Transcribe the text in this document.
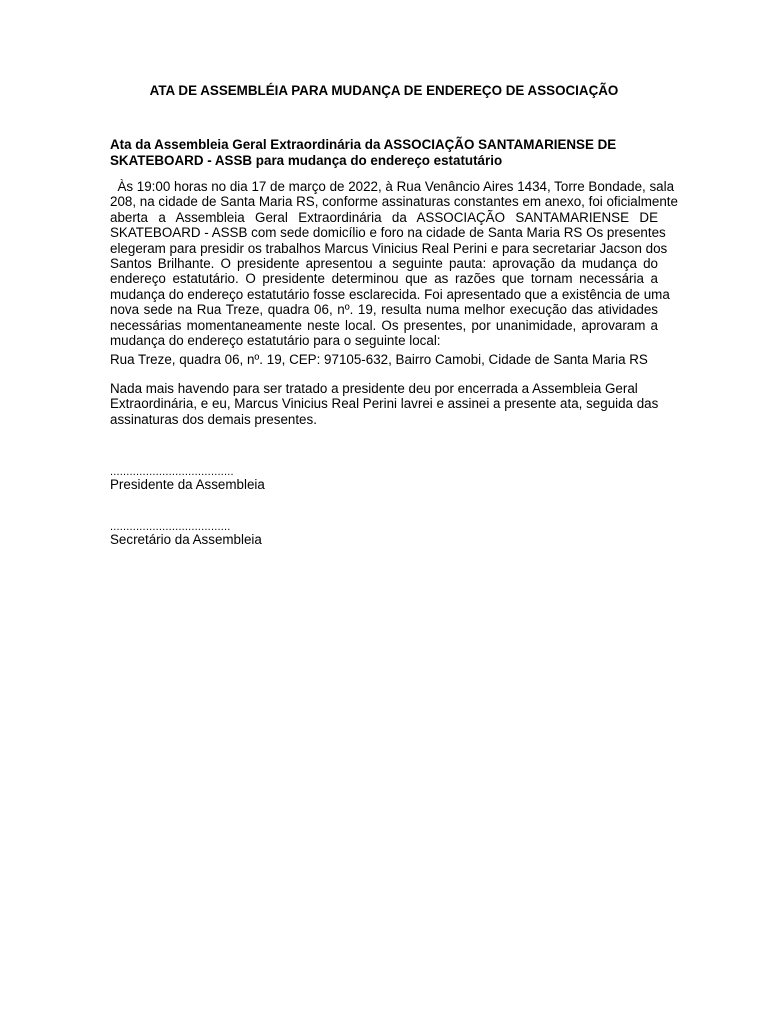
ATA DE ASSEMBLÉIA PARA MUDANÇA DE ENDEREÇO DE ASSOCIAÇÃO

Ata da Assembleia Geral Extraordinária da ASSOCIAÇÃO SANTAMARIENSE DE
SKATEBOARD - ASSB para mudança do endereço estatutário

Às 19:00 horas no dia 17 de março de 2022, à Rua Venâncio Aires 1434, Torre Bondade, sala
208, na cidade de Santa Maria RS, conforme assinaturas constantes em anexo, foi oficialmente
aberta a Assembleia Geral Extraordinária da ASSOCIAÇÃO SANTAMARIENSE DE
SKATEBOARD - ASSB com sede domicílio e foro na cidade de Santa Maria RS Os presentes
elegeram para presidir os trabalhos Marcus Vinicius Real Perini e para secretariar Jacson dos
Santos Brilhante. O presidente apresentou a seguinte pauta: aprovação da mudança do
endereço estatutário. O presidente determinou que as razões que tornam necessária a
mudança do endereço estatutário fosse esclarecida. Foi apresentado que a existência de uma
nova sede na Rua Treze, quadra 06, nº. 19, resulta numa melhor execução das atividades
necessárias momentaneamente neste local. Os presentes, por unanimidade, aprovaram a
mudança do endereço estatutário para o seguinte local:

Rua Treze, quadra 06, nº. 19, CEP: 97105-632, Bairro Camobi, Cidade de Santa Maria RS

Nada mais havendo para ser tratado a presidente deu por encerrada a Assembleia Geral
Extraordinária, e eu, Marcus Vinicius Real Perini lavrei e assinei a presente ata, seguida das
assinaturas dos demais presentes.

......................................
Presidente da Assembleia
.....................................
Secretário da Assembleia
